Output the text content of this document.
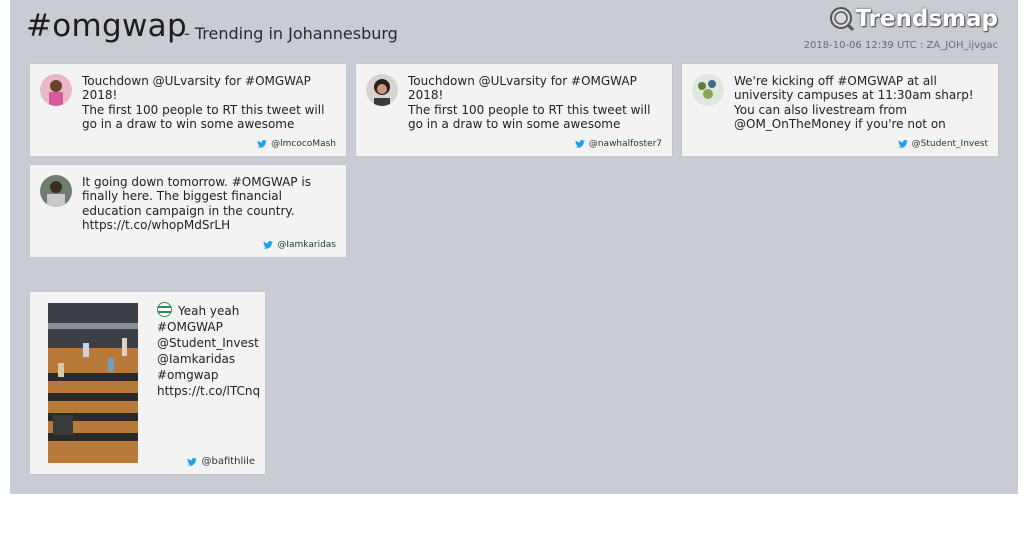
#omgwap
- Trending in Johannesburg
Trendsmap
2018-10-06 12:39 UTC : ZA_JOH_ijvgac
Touchdown @ULvarsity for #OMGWAP 2018!
The first 100 people to RT this tweet will go in a draw to win some awesome
@lmcocoMash
Touchdown @ULvarsity for #OMGWAP 2018!
The first 100 people to RT this tweet will go in a draw to win some awesome
@nawhalfoster7
We're kicking off #OMGWAP at all university campuses at 11:30am sharp! You can also livestream from @OM_OnTheMoney if you're not on
@Student_Invest
It going down tomorrow. #OMGWAP is finally here. The biggest financial education campaign in the country. https://t.co/whopMdSrLH
@Iamkaridas
Yeah yeah
#OMGWAP
@Student_Invest
@Iamkaridas
#omgwap
https://t.co/lTCnq
@bafithlile
